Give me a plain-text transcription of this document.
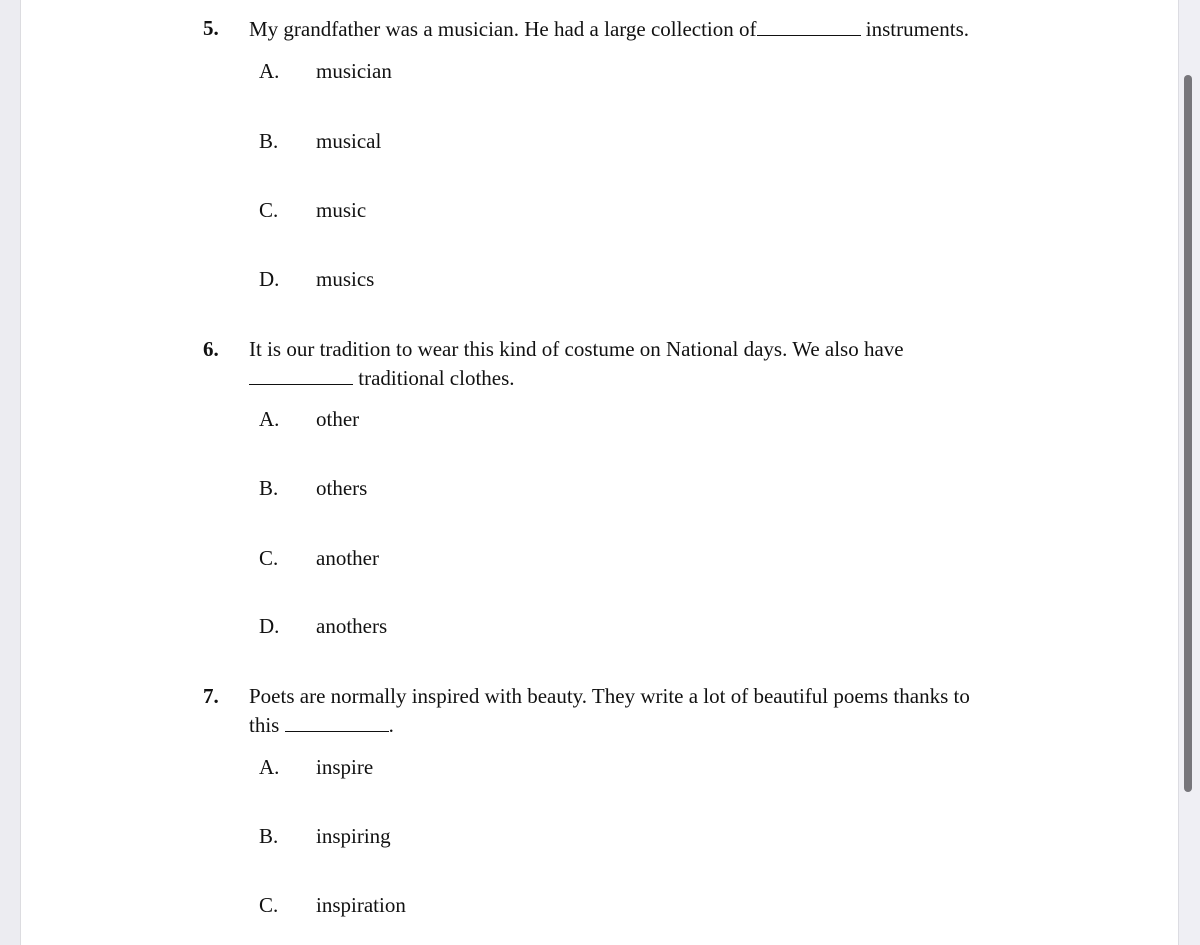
5. My grandfather was a musician. He had a large collection of	instruments.
A. musician
B. musical
C. music
D. musics
6. It is our tradition to wear this kind of costume on National days. We also have
traditional clothes.
A. other
B. others
C. another
D. anothers
7. Poets are normally inspired with beauty. They write a lot of beautiful poems thanks to
this	.
A. inspire
B. inspiring
C. inspiration
